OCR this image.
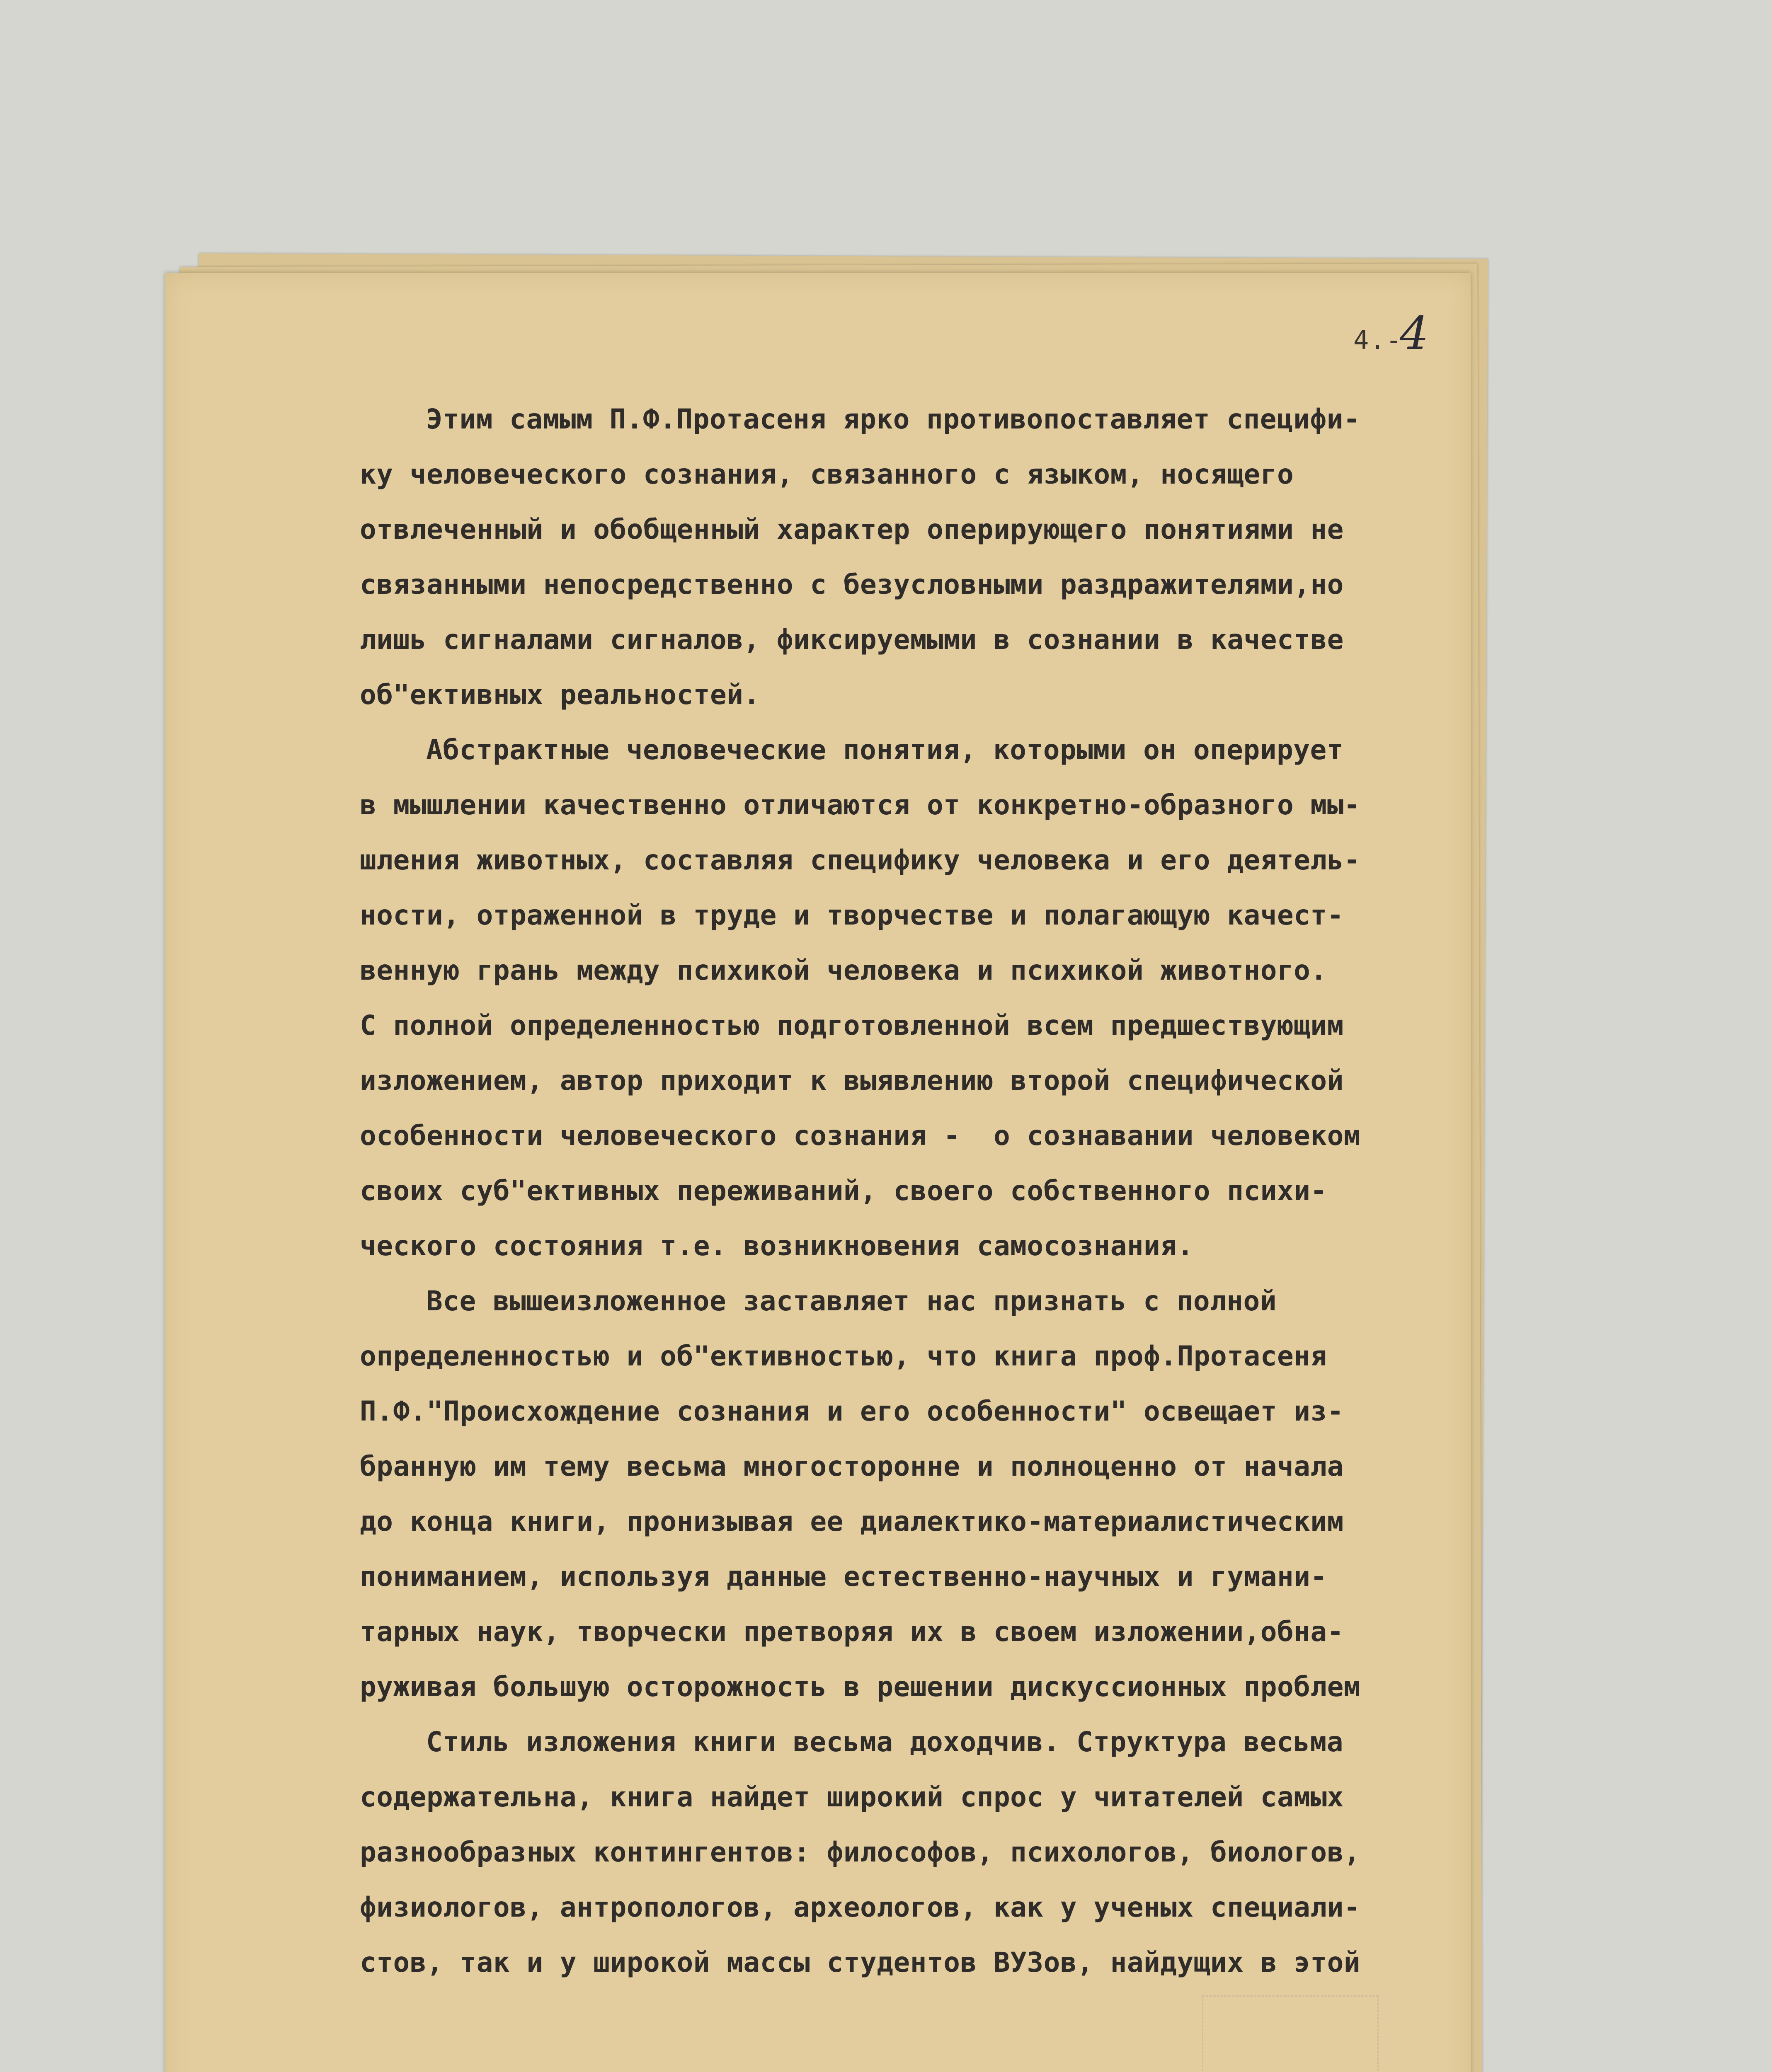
4.-4
Этим самым П.Ф.Протасеня ярко противопоставляет специфи-
ку человеческого сознания, связанного с языком, носящего
отвлеченный и обобщенный характер оперирующего понятиями не
связанными непосредственно с безусловными раздражителями,но
лишь сигналами сигналов, фиксируемыми в сознании в качестве
об"ективных реальностей.
Абстрактные человеческие понятия, которыми он оперирует
в мышлении качественно отличаются от конкретно-образного мы-
шления животных, составляя специфику человека и его деятель-
ности, отраженной в труде и творчестве и полагающую качест-
венную грань между психикой человека и психикой животного.
С полной определенностью подготовленной всем предшествующим
изложением, автор приходит к выявлению второй специфической
особенности человеческого сознания -  о сознавании человеком
своих суб"ективных переживаний, своего собственного психи-
ческого состояния т.е. возникновения самосознания.
Все вышеизложенное заставляет нас признать с полной
определенностью и об"ективностью, что книга проф.Протасеня
П.Ф."Происхождение сознания и его особенности" освещает из-
бранную им тему весьма многосторонне и полноценно от начала
до конца книги, пронизывая ее диалектико-материалистическим
пониманием, используя данные естественно-научных и гумани-
тарных наук, творчески претворяя их в своем изложении,обна-
руживая большую осторожность в решении дискуссионных проблем
Стиль изложения книги весьма доходчив. Структура весьма
содержательна, книга найдет широкий спрос у читателей самых
разнообразных контингентов: философов, психологов, биологов,
физиологов, антропологов, археологов, как у ученых специали-
стов, так и у широкой массы студентов ВУЗов, найдущих в этой
